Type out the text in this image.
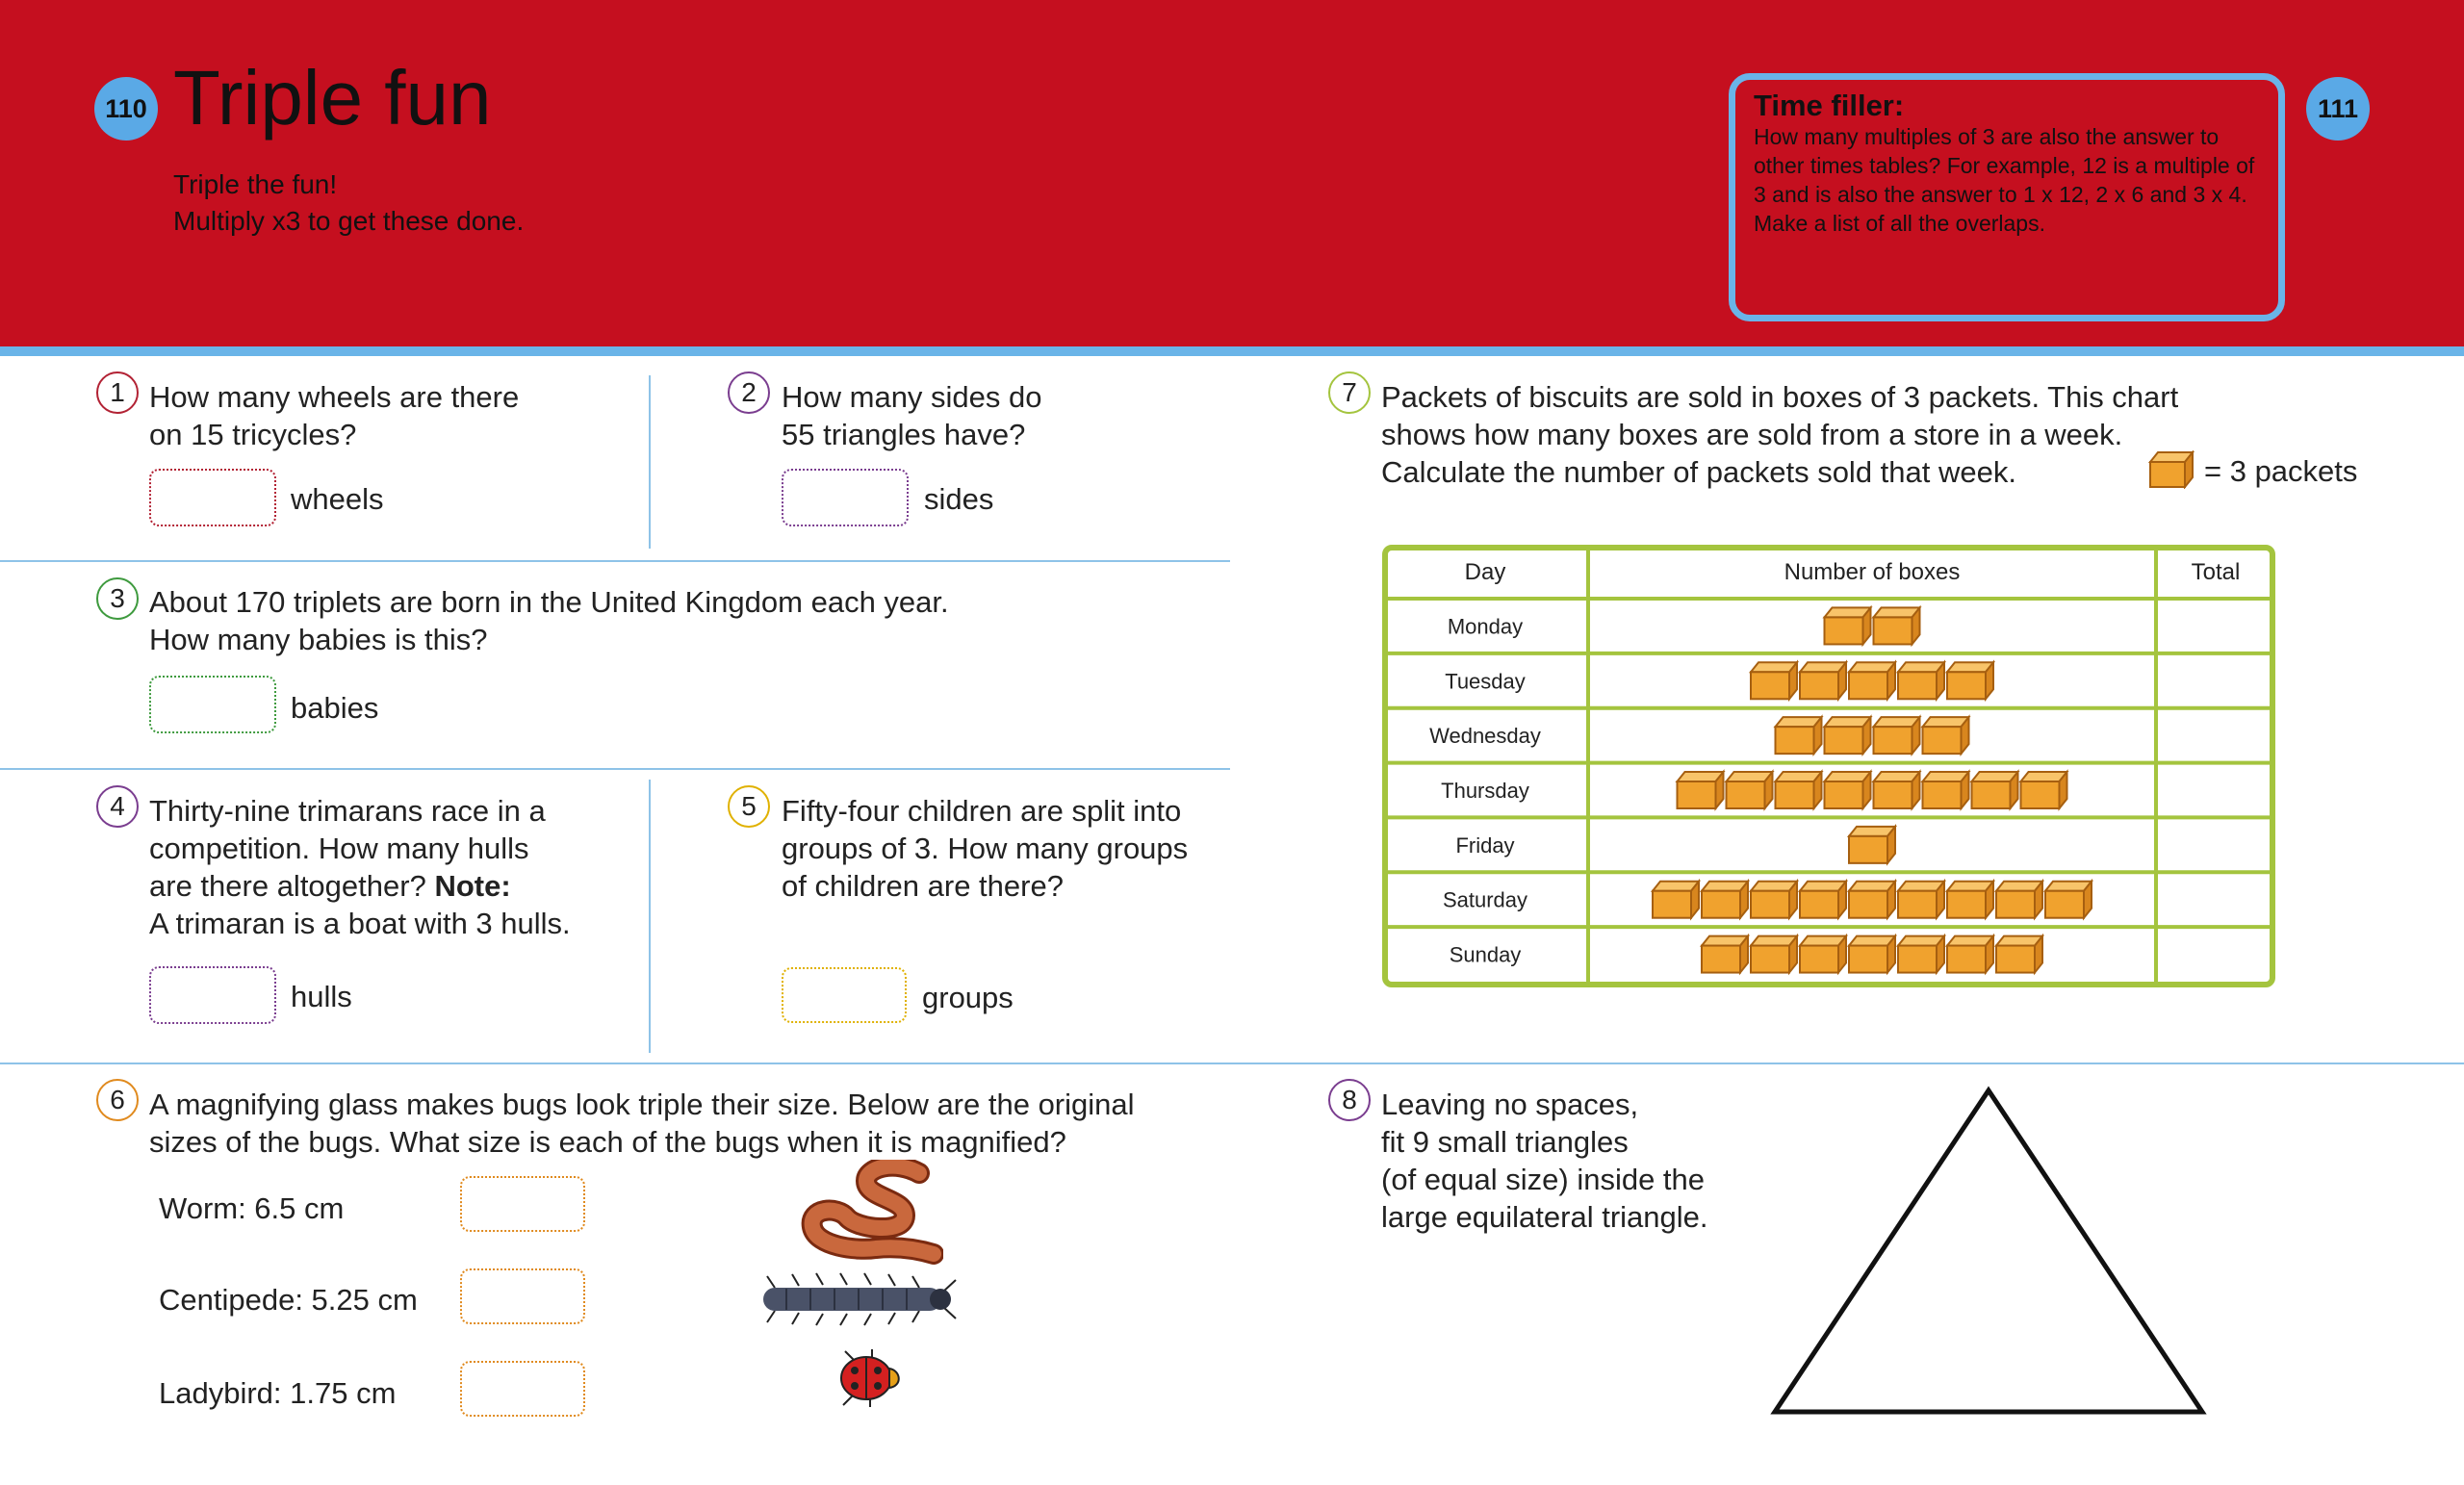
110	111
Triple fun
Triple the fun!
Multiply x3 to get these done.
Time filler:
How many multiples of 3 are also the answer to other times tables? For example, 12 is a multiple of 3 and is also the answer to 1 x 12, 2 x 6 and 3 x 4. Make a list of all the overlaps.
1 How many wheels are there
on 15 tricycles?
wheels
2 How many sides do
55 triangles have?
sides
3 About 170 triplets are born in the United Kingdom each year.
How many babies is this?
babies
4 Thirty-nine trimarans race in a
competition. How many hulls
are there altogether? Note:
A trimaran is a boat with 3 hulls.
hulls
5 Fifty-four children are split into
groups of 3. How many groups
of children are there?
groups
6 A magnifying glass makes bugs look triple their size. Below are the original
sizes of the bugs. What size is each of the bugs when it is magnified?
Worm: 6.5 cm
Centipede: 5.25 cm
Ladybird: 1.75 cm
7 Packets of biscuits are sold in boxes of 3 packets. This chart
shows how many boxes are sold from a store in a week.
Calculate the number of packets sold that week.	= 3 packets
Day	Number of boxes	Total
Monday
Tuesday
Wednesday
Thursday
Friday
Saturday
Sunday
8 Leaving no spaces,
fit 9 small triangles
(of equal size) inside the
large equilateral triangle.
